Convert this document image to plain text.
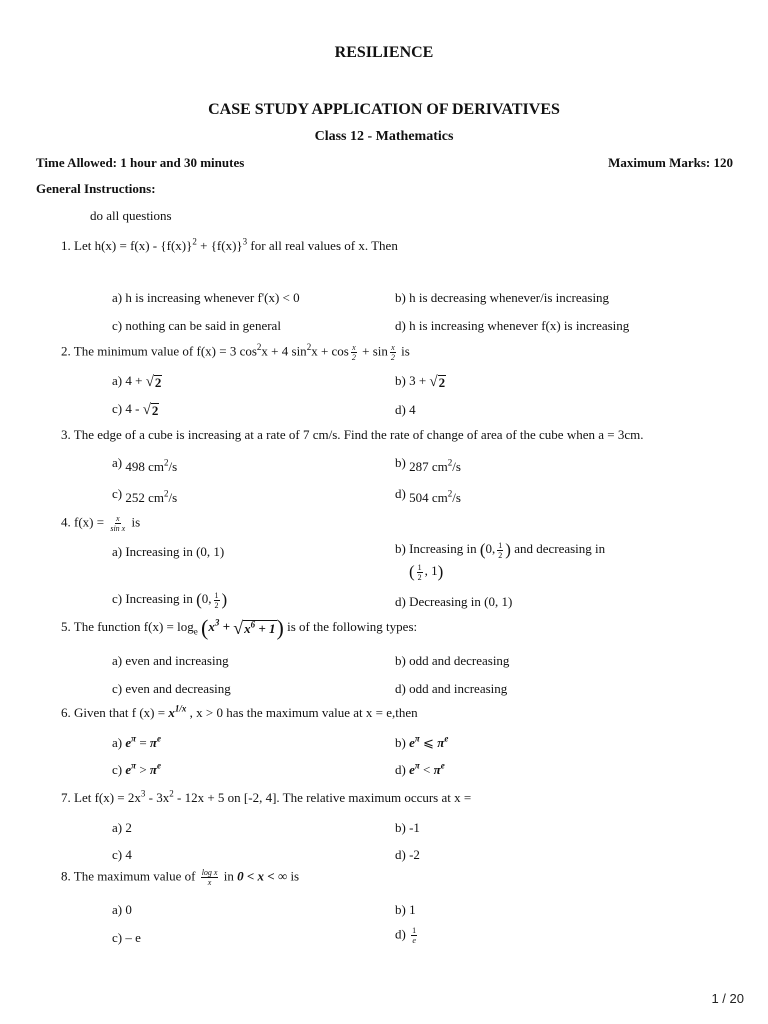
RESILIENCE
CASE STUDY APPLICATION OF DERIVATIVES
Class 12 - Mathematics
Time Allowed: 1 hour and 30 minutes	Maximum Marks: 120
General Instructions:
do all questions
1. Let $h(x) = f(x) - \{f(x)\}^2 + \{f(x)\}^3$ for all real values of x. Then
a) h is increasing whenever f'(x) < 0	b) h is decreasing whenever/is increasing
c) nothing can be said in general	d) h is increasing whenever f(x) is increasing
2. The minimum value of f(x) = 3 $\cos^2x + 4$ $\sin^2x + \cos \frac{x}{2} + \sin \frac{x}{2}$ is
a) 4 + √ 2	b) 3 + √ 2
c) 4 - √ 2	d) 4
3. The edge of a cube is increasing at a rate of 7 cm/s. Find the rate of change of area of the cube when a = 3cm.
a) 498 $cm^2/s$	b) 287 $cm^2/s$
c) 252 $cm^2/s$	d) 504 $cm^2/s$
4. $f(x) = \frac{x}{\text{sin x}}$ is
a) Increasing in (0, 1)	b) Increasing in (0, $\frac{1}{2}$ ) and decreasing in
( $\frac{1}{2}$ , 1)
c) Increasing in (0, $\frac{1}{2}$ )	d) Decreasing in (0, 1)
5. The function $f(x) = \log_e (x^3$ + √ $x^6 + 1$ ) is of the following types:
a) even and increasing	b) odd and decreasing
c) even and decreasing	d) odd and increasing
6. Given that f $(x) = x^{1/x}$ , x > 0 has the maximum value at x = e,then
a) $e^\pi = \pi^e$	b) $e^\pi$ ⩽ $\pi^e$
c) $e^\pi > \pi^e$	d) $e^\pi < \pi^e$
7. Let $f(x) = 2x^3 - 3x^2 - 12x + 5$ on [-2, 4]. The relative maximum occurs at x =
a) 2	b) -1
c) 4	d) -2
8. The maximum value of $\frac{\text{log x}}{x}$ in 0 < x < ∞ is
a) 0	b) 1
c) – e	$d) \frac{1}{e}$
1 / 20
